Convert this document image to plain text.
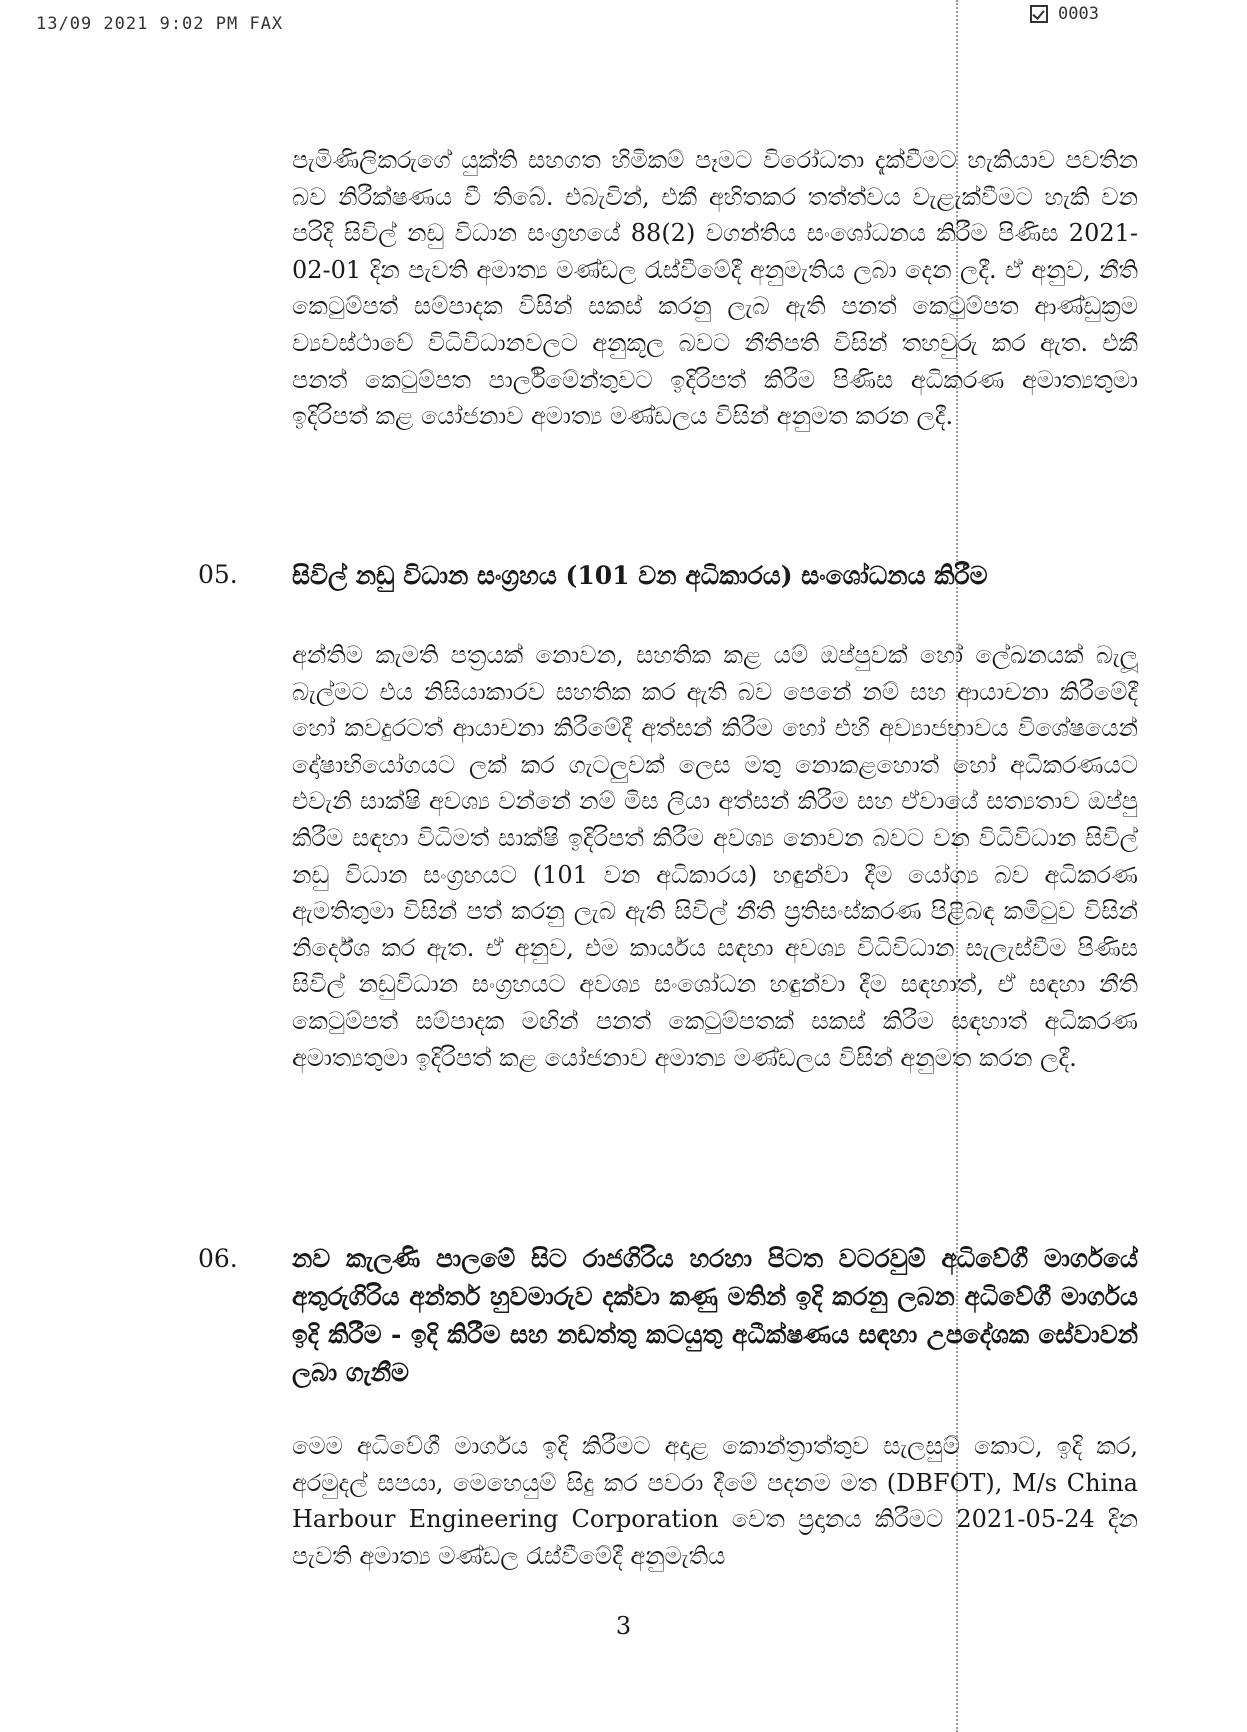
13/09 2021 9:02 PM FAX	0003

පැමිණිලිකරුගේ යුක්ති සහගත හිමිකම් පෑමට විරෝධතා දැක්වීමට හැකියාව පවතින බව නිරීක්ෂණය වී තිබේ. එබැවින්, එකී අහිතකර තත්ත්වය වැළැක්වීමට හැකි වන පරිදි සිවිල් නඩු විධාන සංග්‍රහයේ 88(2) වගන්තිය සංශෝධනය කිරීම පිණිස 2021-02-01 දින පැවති අමාත්‍ය මණ්ඩල රැස්වීමේදී අනුමැතිය ලබා දෙන ලදී. ඒ අනුව, නීති කෙටුම්පත් සම්පාදක විසින් සකස් කරනු ලැබ ඇති පනත් කෙටුම්පත ආණ්ඩුක්‍රම ව්‍යවස්ථාවේ විධිවිධානවලට අනුකූල බවට නීතිපති විසින් තහවුරු කර ඇත. එකී පනත් කෙටුම්පත පාර්ලිමේන්තුවට ඉදිරිපත් කිරීම පිණිස අධිකරණ අමාත්‍යතුමා ඉදිරිපත් කළ යෝජනාව අමාත්‍ය මණ්ඩලය විසින් අනුමත කරන ලදී.

05. සිවිල් නඩු විධාන සංග්‍රහය (101 වන අධිකාරය) සංශෝධනය කිරීම

අන්තිම කැමති පත්‍රයක් නොවන, සහතික කළ යම් ඔප්පුවක් හෝ ලේඛනයක් බැලූ බැල්මට එය නිසියාකාරව සහතික කර ඇති බව පෙනේ නම් සහ ආයාචනා කිරීමේදී හෝ කවදුරටත් ආයාචනා කිරීමේදී අත්සන් කිරීම හෝ එහි අව්‍යාජභාවය විශේෂයෙන් දෝෂාභියෝගයට ලක් කර ගැටලුවක් ලෙස මතු නොකළහොත් හෝ අධිකරණයට එවැනි සාක්ෂි අවශ්‍ය වන්නේ නම් මිස ලියා අත්සන් කිරීම සහ ඒවායේ සත්‍යතාව ඔප්පු කිරීම සඳහා විධිමත් සාක්ෂි ඉදිරිපත් කිරීම අවශ්‍ය නොවන බවට වන විධිවිධාන සිවිල් නඩු විධාන සංග්‍රහයට (101 වන අධිකාරය) හඳුන්වා දීම යෝග්‍ය බව අධිකරණ ඇමතිතුමා විසින් පත් කරනු ලැබ ඇති සිවිල් නීති ප්‍රතිසංස්කරණ පිළිබඳ කමිටුව විසින් නිර්දේශ කර ඇත. ඒ අනුව, එම කාර්යය සඳහා අවශ්‍ය විධිවිධාන සැලැස්වීම පිණිස සිවිල් නඩුවිධාන සංග්‍රහයට අවශ්‍ය සංශෝධන හඳුන්වා දීම සඳහාත්, ඒ සඳහා නීති කෙටුම්පත් සම්පාදක මඟින් පනත් කෙටුම්පතක් සකස් කිරීම සඳහාත් අධිකරණ අමාත්‍යතුමා ඉදිරිපත් කළ යෝජනාව අමාත්‍ය මණ්ඩලය විසින් අනුමත කරන ලදී.

06. නව කැලණි පාලමේ සිට රාජගිරිය හරහා පිටත වටරවුම් අධිවේගී මාර්ගයේ අතුරුගිරිය අන්තර් හුවමාරුව දක්වා කණු මතින් ඉදි කරනු ලබන අධිවේගී මාර්ගය ඉදි කිරීම - ඉදි කිරීම සහ නඩත්තු කටයුතු අධීක්ෂණය සඳහා උපදේශක සේවාවන් ලබා ගැනීම

මෙම අධිවේගී මාර්ගය ඉදි කිරීමට අදාළ කොන්ත්‍රාත්තුව සැලසුම් කොට, ඉදි කර, අරමුදල් සපයා, මෙහෙයුම් සිදු කර පවරා දීමේ පදනම මත (DBFOT), M/s China Harbour Engineering Corporation වෙත ප්‍රදානය කිරීමට 2021-05-24 දින පැවති අමාත්‍ය මණ්ඩල රැස්වීමේදී අනුමැතිය

3
